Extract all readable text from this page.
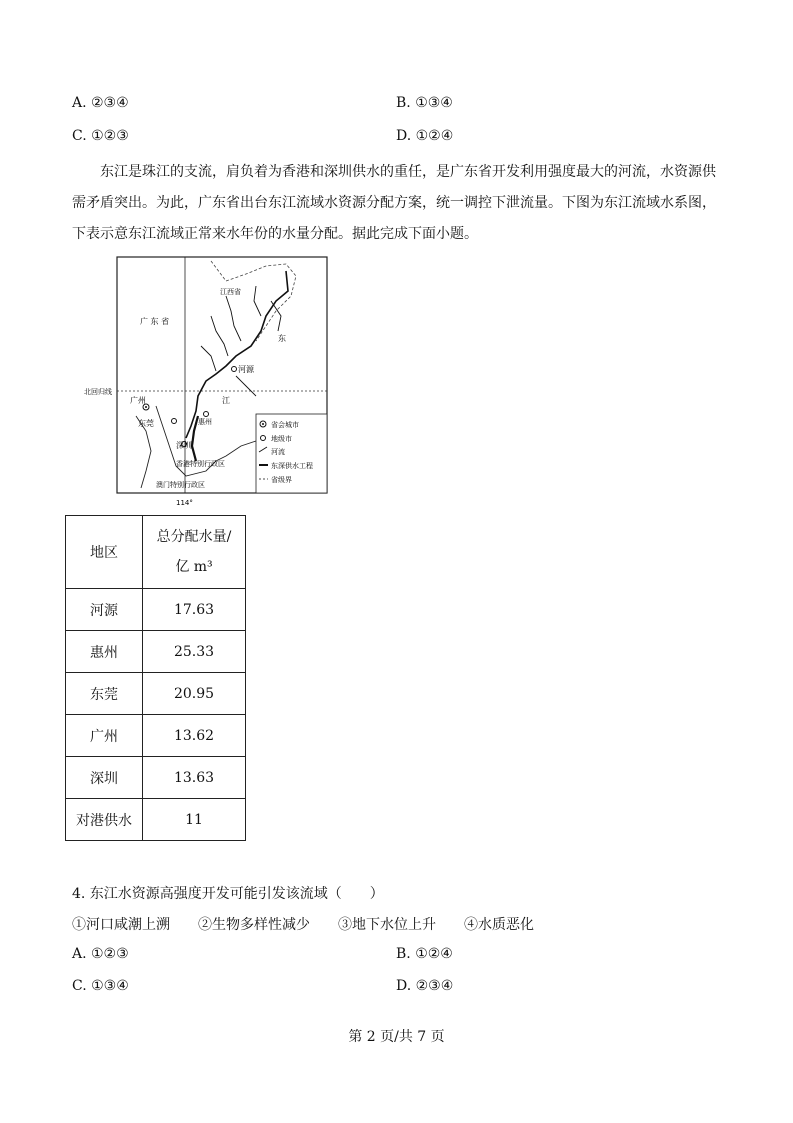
A. ②③④	B. ①③④
C. ①②③	D. ①②④
东江是珠江的支流，肩负着为香港和深圳供水的重任，是广东省开发利用强度最大的河流，水资源供
需矛盾突出。为此，广东省出台东江流域水资源分配方案，统一调控下泄流量。下图为东江流域水系图，
下表示意东江流域正常来水年份的水量分配。据此完成下面小题。
省会城市
地级市
河流
东深供水工程
省级界
广 东 省
江西省
东
江
北回归线
广州
河源
惠州
东莞
深圳
香港特别行政区
澳门特别行政区
114°
地区	总分配水量/
亿 m³

河源	17.63
惠州	25.33
东莞	20.95
广州	13.62
深圳	13.63
对港供水	11
4. 东江水资源高强度开发可能引发该流域（　　）
①河口咸潮上溯　　②生物多样性减少　　③地下水位上升　　④水质恶化
A. ①②③	B. ①②④
C. ①③④	D. ②③④
第 2 页/共 7 页
